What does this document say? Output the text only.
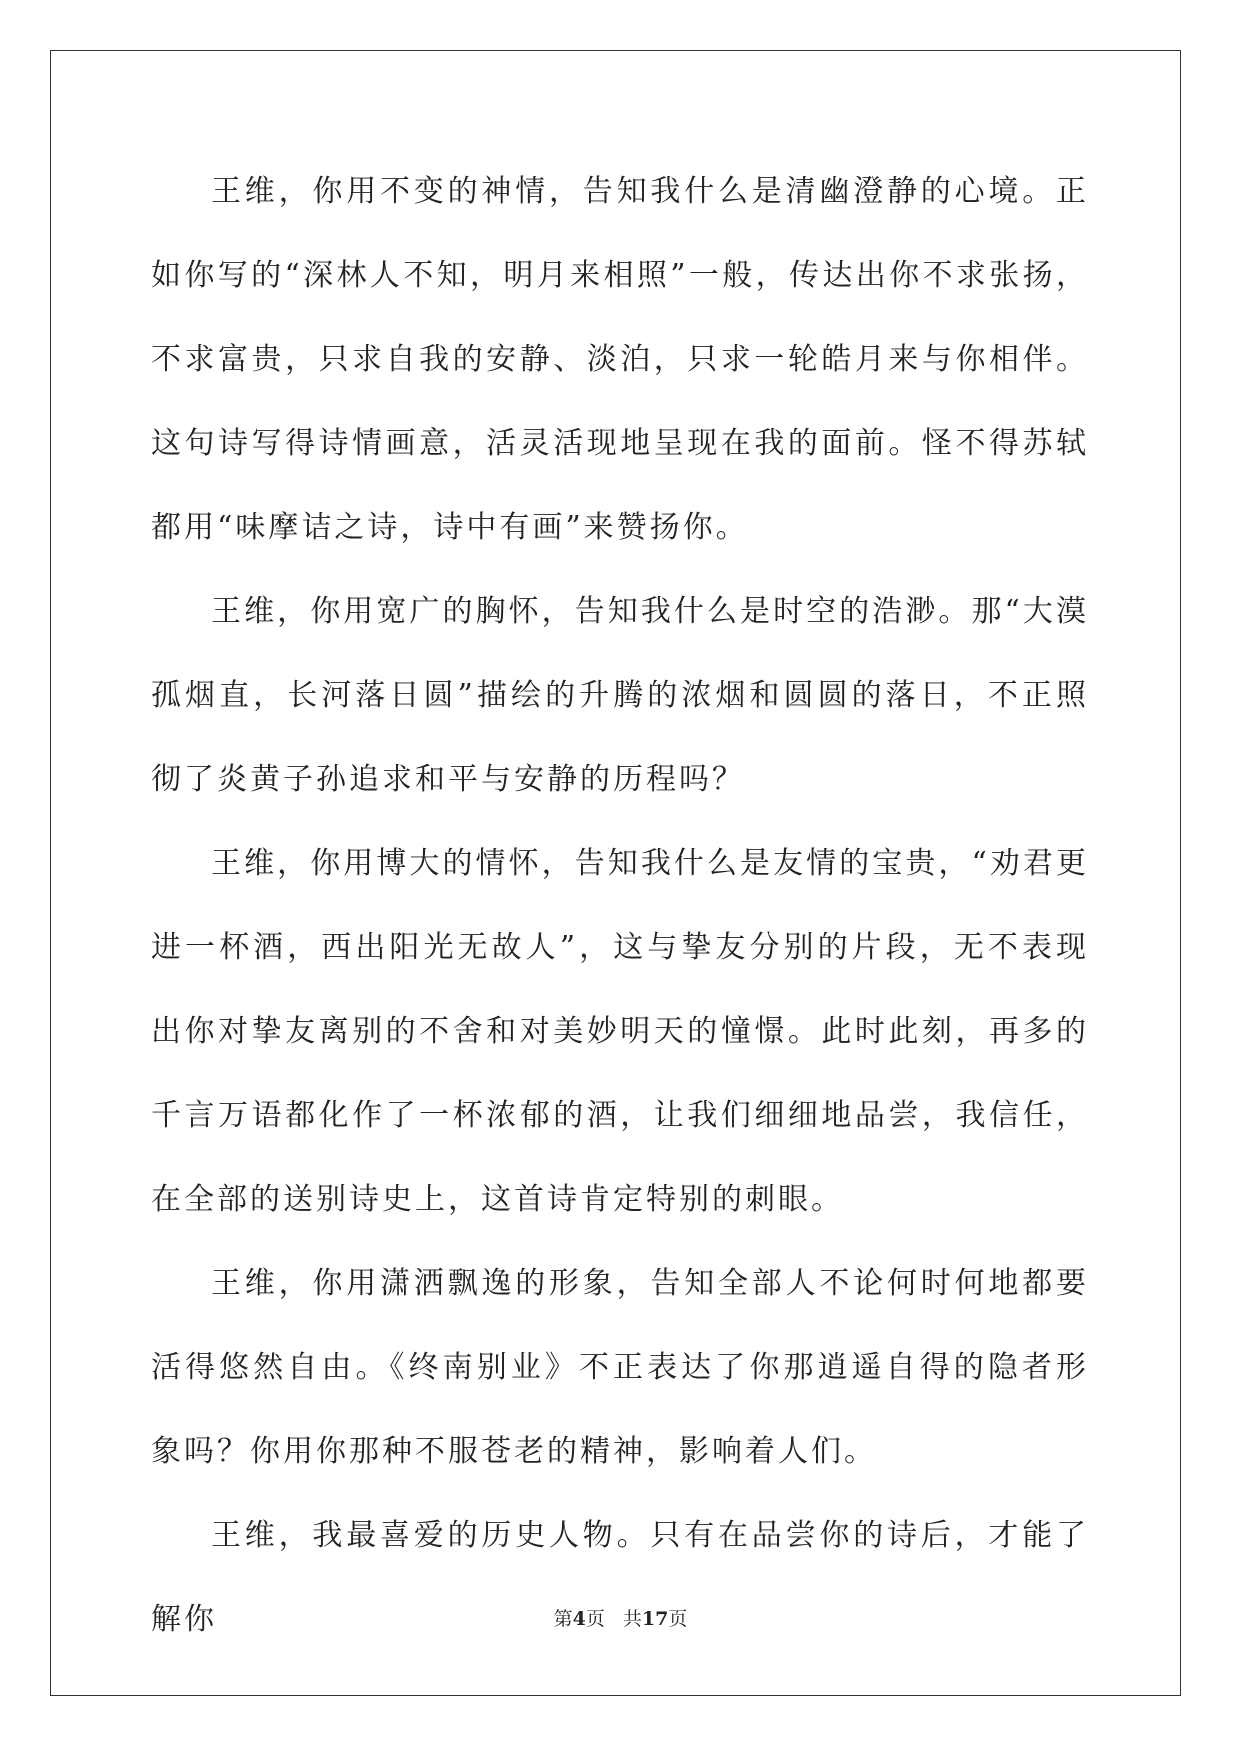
王维，你用不变的神情，告知我什么是清幽澄静的心境。正如你写的“深林人不知，明月来相照”一般，传达出你不求张扬，不求富贵，只求自我的安静、淡泊，只求一轮皓月来与你相伴。这句诗写得诗情画意，活灵活现地呈现在我的面前。怪不得苏轼都用“味摩诘之诗，诗中有画”来赞扬你。

王维，你用宽广的胸怀，告知我什么是时空的浩渺。那“大漠孤烟直，长河落日圆”描绘的升腾的浓烟和圆圆的落日，不正照彻了炎黄子孙追求和平与安静的历程吗？

王维，你用博大的情怀，告知我什么是友情的宝贵，“劝君更进一杯酒，西出阳光无故人”，这与挚友分别的片段，无不表现出你对挚友离别的不舍和对美妙明天的憧憬。此时此刻，再多的千言万语都化作了一杯浓郁的酒，让我们细细地品尝，我信任，在全部的送别诗史上，这首诗肯定特别的刺眼。

王维，你用潇洒飘逸的形象，告知全部人不论何时何地都要活得悠然自由。《终南别业》不正表达了你那逍遥自得的隐者形象吗？你用你那种不服苍老的精神，影响着人们。

王维，我最喜爱的历史人物。只有在品尝你的诗后，才能了解你	第4页 共17页
